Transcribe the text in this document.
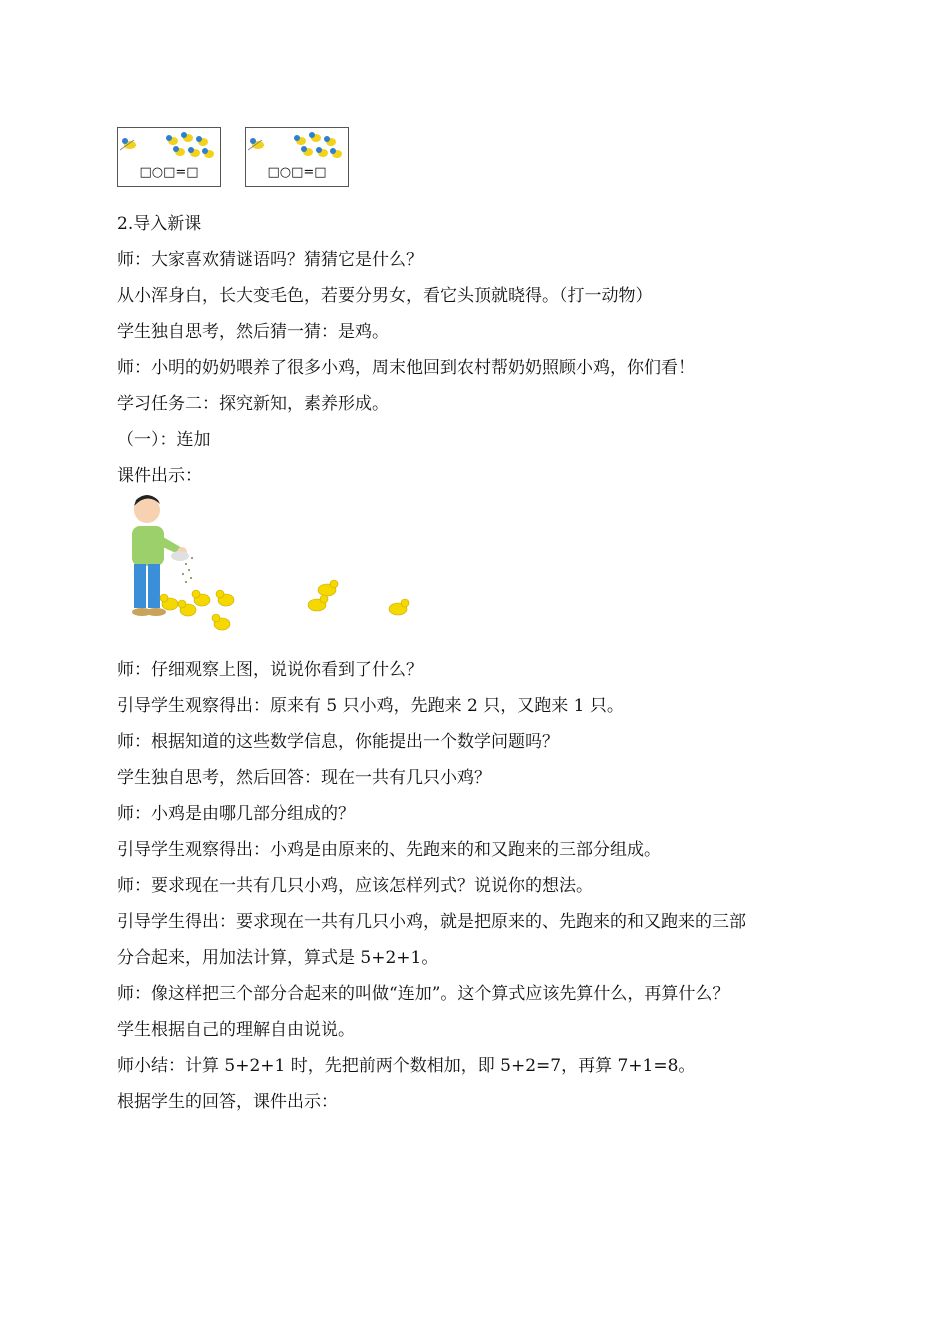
□○□=□	□○□=□
2.导入新课
师：大家喜欢猜谜语吗？猜猜它是什么？
从小浑身白，长大变毛色，若要分男女，看它头顶就晓得。（打一动物）
学生独自思考，然后猜一猜：是鸡。
师：小明的奶奶喂养了很多小鸡，周末他回到农村帮奶奶照顾小鸡，你们看！
学习任务二：探究新知，素养形成。
（一）：连加
课件出示：
师：仔细观察上图，说说你看到了什么？
引导学生观察得出：原来有 5 只小鸡，先跑来 2 只，又跑来 1 只。
师：根据知道的这些数学信息，你能提出一个数学问题吗？
学生独自思考，然后回答：现在一共有几只小鸡？
师：小鸡是由哪几部分组成的？
引导学生观察得出：小鸡是由原来的、先跑来的和又跑来的三部分组成。
师：要求现在一共有几只小鸡，应该怎样列式？说说你的想法。
引导学生得出：要求现在一共有几只小鸡，就是把原来的、先跑来的和又跑来的三部
分合起来，用加法计算，算式是 5+2+1。
师：像这样把三个部分合起来的叫做“连加”。这个算式应该先算什么，再算什么？
学生根据自己的理解自由说说。
师小结：计算 5+2+1 时，先把前两个数相加，即 5+2=7，再算 7+1=8。
根据学生的回答，课件出示：
